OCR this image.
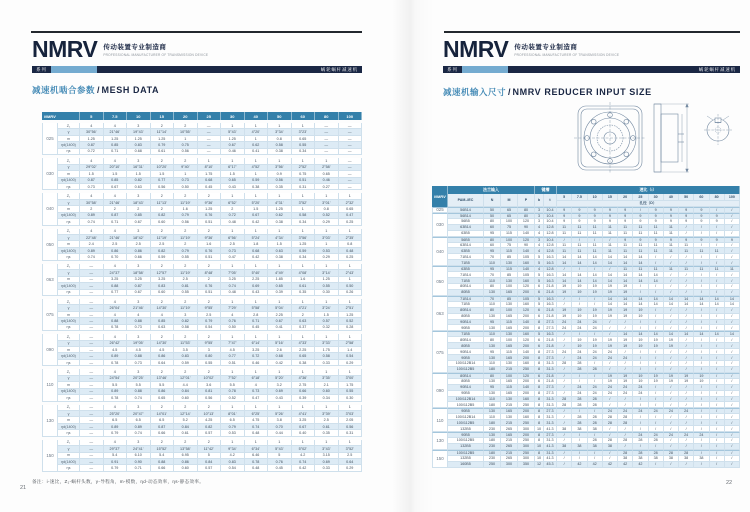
NMRV 传动装置专业制造商
PROFESSIONAL MANUFACTURER OF TRANSMISSION DEVICE
系列	蜗轮蜗杆减速机
减速机啮合参数 / MESH DATA
NMRV	5	7.5	10	15	20	25	30	40	50	60	80	100
025
Z₁	4	4	3	2	2	—	1	1	1	1	—	—
γ	30°56'	21°46'	19°43'	11°14'	10°55'	—	5°43'	4°20'	3°34'	3°23'	—	—
m	1.25	1.25	1.25	1.25	1	—	1.25	1	0.8	0.65	—	—
ηd(1400)	0.87	0.85	0.83	0.79	0.75	—	0.67	0.62	0.58	0.55	—	—
ηs	0.72	0.71	0.68	0.61	0.56	—	0.46	0.41	0.38	0.34	—	—
030
Z₁	4	4	3	2	2	1	1	1	1	1	1	—
γ	29°02'	20°10'	16°31'	10°20'	9°40'	8°10'	6°17'	4°52'	3°56'	2°52'	2°58'	—
m	1.5	1.5	1.5	1.5	1	1.75	1.5	1	0.9	0.75	0.65	—
ηd(1400)	0.87	0.85	0.82	0.77	0.73	0.68	0.65	0.59	0.56	0.51	0.46	—
ηs	0.73	0.67	0.63	0.56	0.50	0.45	0.43	0.38	0.35	0.31	0.27	—
040
Z₁	4	4	3	2	2	2	1	1	1	1	1	1
γ	30°58'	21°46'	18°43'	11°13'	11°19'	9°36'	6°52'	5°20'	4°31'	3°52'	3°01'	2°32'
m	2	2	2	2	1.6	1.25	2	1.5	1.25	1	0.8	0.65
ηd(1400)	0.89	0.87	0.85	0.82	0.79	0.76	0.72	0.67	0.62	0.58	0.52	0.47
ηs	0.74	0.71	0.67	0.60	0.56	0.51	0.48	0.42	0.38	0.34	0.29	0.25
050
Z₁	4	4	3	2	2	2	1	1	1	1	1	1
γ	22°48'	21°46'	18°42'	11°19'	11°19'	9°36'	6°56'	5°24'	4°34'	3°56'	3°03'	2°35'
m	2.4	2.5	2.5	2.5	2	1.6	2.5	1.8	1.5	1.25	1	0.8
ηd(1400)	0.89	0.86	0.86	0.82	0.79	0.76	0.73	0.68	0.63	0.59	0.53	0.48
ηs	0.74	0.70	0.66	0.59	0.55	0.51	0.47	0.42	0.38	0.34	0.29	0.25
063
Z₁	—	4	3	2	2	2	1	1	1	1	1	1
γ	—	24°37'	18°58'	12°57'	11°19'	8°48'	7°05'	5°40'	4°49'	4°08'	3°14'	2°43'
m	—	3.25	3.25	3.25	2.5	2	3.25	2.25	1.85	1.6	1.25	1
ηd(1400)	—	0.88	0.87	0.83	0.81	0.76	0.74	0.69	0.65	0.61	0.55	0.50
ηs	—	0.77	0.67	0.60	0.55	0.51	0.48	0.43	0.39	0.35	0.30	0.26
075
Z₁	—	4	3	2	2	2	1	1	1	1	1	1
γ	—	26°04'	21°46'	14°30'	11°19'	9°55'	7°29'	5°58'	5°04'	4°21'	3°24'	2°51'
m	—	4	4	4	3	2.5	4	2.8	2.25	2	1.5	1.25
ηd(1400)	—	0.88	0.88	0.85	0.82	0.79	0.76	0.71	0.67	0.63	0.57	0.52
ηs	—	0.78	0.73	0.63	0.58	0.54	0.50	0.45	0.41	0.37	0.32	0.28
090
Z₁	—	4	3	2	2	2	1	1	1	1	1	1
γ	—	26°42'	19°05'	14°30'	11°53'	9°55'	7°47'	6°14'	5°16'	4°33'	3°33'	2°58'
m	—	4.5	4.5	4.5	3.5	3	4.5	3.25	2.6	2.25	1.75	1.4
ηd(1400)	—	0.89	0.88	0.86	0.83	0.80	0.77	0.72	0.68	0.65	0.58	0.54
ηs	—	0.78	0.73	0.64	0.59	0.55	0.51	0.46	0.42	0.38	0.33	0.29
110
Z₁	—	4	3	2	2	2	1	1	1	1	1	1
γ	—	24°54'	20°25'	13°46'	12°01'	10°02'	7°52'	6°18'	5°20'	4°36'	3°35'	3°00'
m	—	5.5	5.5	5.5	4.4	3.6	5.5	4	3.2	2.75	2.1	1.75
ηd(1400)	—	0.89	0.88	0.86	0.84	0.81	0.78	0.73	0.69	0.66	0.60	0.55
ηs	—	0.78	0.74	0.65	0.60	0.56	0.52	0.47	0.43	0.39	0.34	0.30
130
Z₁	—	4	3	2	2	2	1	1	1	1	1	1
γ	—	25°20'	20°47'	14°01'	12°14'	10°13'	8°01'	6°25'	5°26'	4°41'	3°39'	3°03'
m	—	6.5	6.5	6.5	5.2	4.25	6.5	4.75	3.8	3.25	2.5	2.05
ηd(1400)	—	0.89	0.89	0.87	0.84	0.82	0.79	0.74	0.70	0.67	0.61	0.56
ηs	—	0.79	0.74	0.66	0.61	0.57	0.53	0.48	0.44	0.40	0.35	0.31
150
Z₁	—	4	3	2	2	2	1	1	1	1	1	1
γ	—	29°37'	24°41'	15°52'	13°58'	11°42'	9°34'	6°34'	5°43'	5°02'	3°43'	3°52'
m	—	5.4	6.10	5.4	6.95	5	4.2	6.46	5	4.2	3.15	2.5
ηd(1400)	—	0.91	0.90	0.88	0.86	0.84	0.83	0.78	0.76	0.74	0.69	0.64
ηs	—	0.79	0.71	0.66	0.60	0.57	0.54	0.48	0.45	0.42	0.33	0.29
备注：i-速比，Z₁-蜗杆头数，γ-导程角，m-模数，ηd-动态效率，ηs-静态效率。
NMRV 传动装置专业制造商
PROFESSIONAL MANUFACTURER OF TRANSMISSION DEVICE
系列	蜗轮蜗杆减速机
减速机输入尺寸 / NMRV REDUCER INPUT SIZE
NMRV
法兰输入	键槽	速比（i）
PAM–IEC	N	M	P	b	t
5	7.5	10	15	20	25	30	40	50	60	80	100
孔径（D）
025	56B14	50	65	80	3	10.4	9	9	9	9	9	/	9	9	9	9	/	/
030
56B14	50	65	80	3	10.4	9	9	9	9	9	9	9	9	9	9	9	/
56B5	80	100	120	3	10.4	9	9	9	9	9	9	9	9	9	9	9	/
63B14	60	75	90	4	12.8	11	11	11	11	11	11	11	11	/	/	/	/
63B5	95	115	140	4	12.8	11	11	11	11	11	11	11	11	/	/	/	/
040
56B5	80	100	120	3	10.4	/	/	/	/	9	9	9	9	9	9	9	9
63B14	60	75	90	4	12.8	11	11	11	11	11	11	11	11	11	/	/	/
63B5	95	115	140	4	12.8	11	11	11	11	11	11	11	11	11	11	11	/
71B14	70	85	105	5	16.3	14	14	14	14	14	14	/	/	/	/	/	/
71B5	110	130	160	5	16.3	14	14	14	14	14	14	/	/	/	/	/	/
050
63B5	95	115	140	4	12.8	/	/	/	/	11	11	11	11	11	11	11	11
71B14	70	85	105	5	16.3	14	14	14	14	14	14	14	/	/	/	/	/
71B5	110	130	160	5	16.3	14	14	14	14	14	14	14	/	/	/	/	/
80B14	80	100	120	6	21.8	19	19	19	19	19	/	/	/	/	/	/	/
80B5	130	165	200	6	21.8	19	19	19	19	19	/	/	/	/	/	/	/
063
71B14	70	85	105	5	16.3	/	/	/	14	14	14	14	14	14	14	14	14
71B5	110	130	160	5	16.3	/	/	/	14	14	14	14	14	14	14	14	14
80B14	80	100	120	6	21.8	19	19	19	19	19	19	/	/	/	/	/	/
80B5	130	165	200	6	21.8	19	19	19	19	19	19	/	/	/	/	/	/
90B14	95	115	140	8	27.3	24	24	24	/	/	/	/	/	/	/	/	/
90B5	130	165	200	8	27.3	24	24	24	/	/	/	/	/	/	/	/	/
075
71B5	110	130	160	5	16.3	/	/	/	/	14	14	14	14	14	14	14	14
80B14	80	100	120	6	21.8	/	19	19	19	19	19	19	19	/	/	/	/
80B5	130	165	200	6	21.8	/	19	19	19	19	19	19	19	/	/	/	/
90B14	95	115	140	8	27.3	24	24	24	24	/	/	/	/	/	/	/	/
90B5	130	165	200	8	27.3	/	24	24	24	24	/	/	/	/	/	/	/
100/112B14	110	130	160	8	31.3	28	28	/	/	/	/	/	/	/	/	/	/
100/112B5	180	215	250	8	31.3	/	28	28	/	/	/	/	/	/	/	/	/
090
80B14	80	100	120	6	21.8	/	/	/	19	19	19	19	19	19	19	/	/
80B5	130	165	200	6	21.8	/	/	/	19	19	19	19	19	19	19	/	/
90B14	95	115	140	8	27.3	/	24	24	24	24	24	/	/	/	/	/	/
90B5	130	165	200	8	27.3	/	24	24	24	24	24	/	/	/	/	/	/
100/112B14	110	130	160	8	31.3	28	28	28	/	/	/	/	/	/	/	/	/
100/112B5	180	215	250	8	31.3	28	28	28	/	/	/	/	/	/	/	/	/
110
90B5	130	165	200	8	27.3	/	/	/	24	24	24	24	24	24	/	/	/
100/112B14	110	130	160	8	31.3	/	28	28	28	28	/	/	/	/	/	/	/
100/112B5	180	215	250	8	31.3	/	28	28	28	28	/	/	/	/	/	/	/
132B5	230	265	300	10	41.3	38	38	38	/	/	/	/	/	/	/	/	/
130
90B5	130	165	200	8	27.3	/	/	/	/	/	24	24	24	24	24	/	/
100/112B5	180	215	250	8	31.3	/	/	28	28	28	28	28	/	/	/	/	/
132B5	230	265	300	10	41.3	38	38	38	38	/	/	/	/	/	/	/	/
150
100/112B5	180	215	250	8	31.3	/	/	/	/	28	28	28	28	28	/	/	/
132B5	230	265	300	10	41.3	/	/	/	/	38	38	38	38	38	38	/	/
160B5	250	300	350	12	45.3	/	42	42	42	42	42	/	/	/	/	/	/
21
22
